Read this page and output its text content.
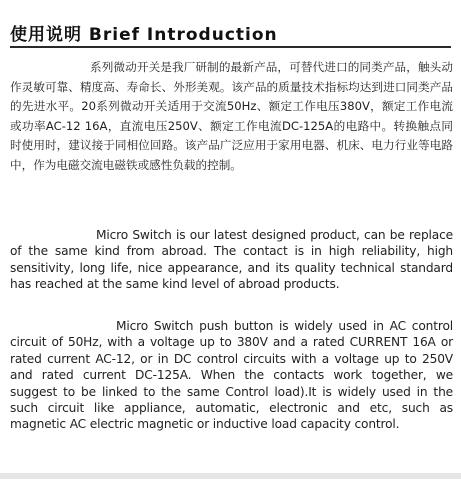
使用说明 Brief Introduction

系列微动开关是我厂研制的最新产品，可替代进口的同类产品，触头动作灵敏可靠、精度高、寿命长、外形美观。该产品的质量技术指标均达到进口同类产品的先进水平。20系列微动开关适用于交流50Hz、额定工作电压380V，额定工作电流或功率AC-12 16A，直流电压250V、额定工作电流DC-125A的电路中。转换触点同时使用时，建议接于同相位回路。该产品广泛应用于家用电器、机床、电力行业等电路中，作为电磁交流电磁铁或感性负载的控制。

Micro Switch is our latest designed product, can be replace of the same kind from abroad. The contact is in high reliability, high sensitivity, long life, nice appearance, and its quality technical standard has reached at the same kind level of abroad products.

Micro Switch push button is widely used in AC control circuit of 50Hz, with a voltage up to 380V and a rated CURRENT 16A or rated current AC-12, or in DC control circuits with a voltage up to 250V and rated current DC-125A. When the contacts work together, we suggest to be linked to the same Control load).It is widely used in the such circuit like appliance, automatic, electronic and etc, such as magnetic AC electric magnetic or inductive load capacity control.
